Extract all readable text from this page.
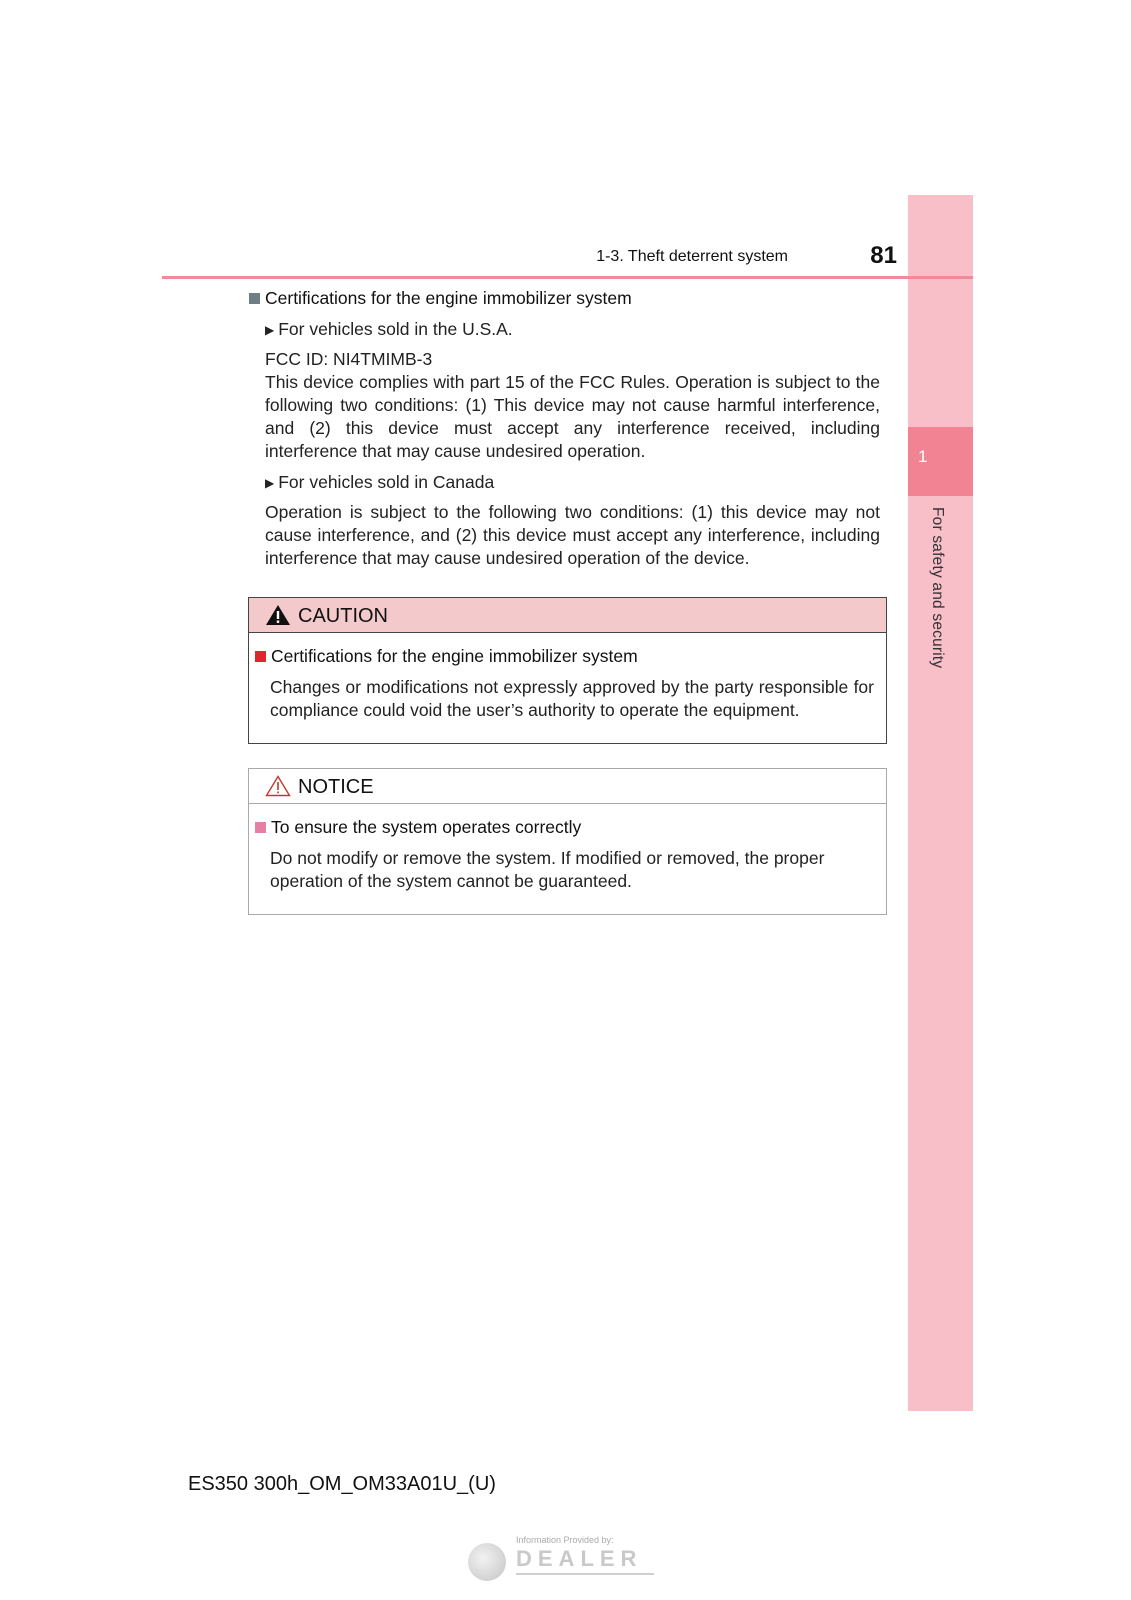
1
For safety and security
1-3. Theft deterrent system	81
Certifications for the engine immobilizer system
▶ For vehicles sold in the U.S.A.
FCC ID: NI4TMIMB-3
This device complies with part 15 of the FCC Rules. Operation is subject to the following two conditions: (1) This device may not cause harmful interference, and (2) this device must accept any interference received, including interference that may cause undesired operation.
▶ For vehicles sold in Canada
Operation is subject to the following two conditions: (1) this device may not cause interference, and (2) this device must accept any interference, including interference that may cause undesired operation of the device.
CAUTION
Certifications for the engine immobilizer system
Changes or modifications not expressly approved by the party responsible for compliance could void the user’s authority to operate the equipment.
NOTICE
To ensure the system operates correctly
Do not modify or remove the system. If modified or removed, the proper operation of the system cannot be guaranteed.
ES350 300h_OM_OM33A01U_(U)
Information Provided by:
DEALER
